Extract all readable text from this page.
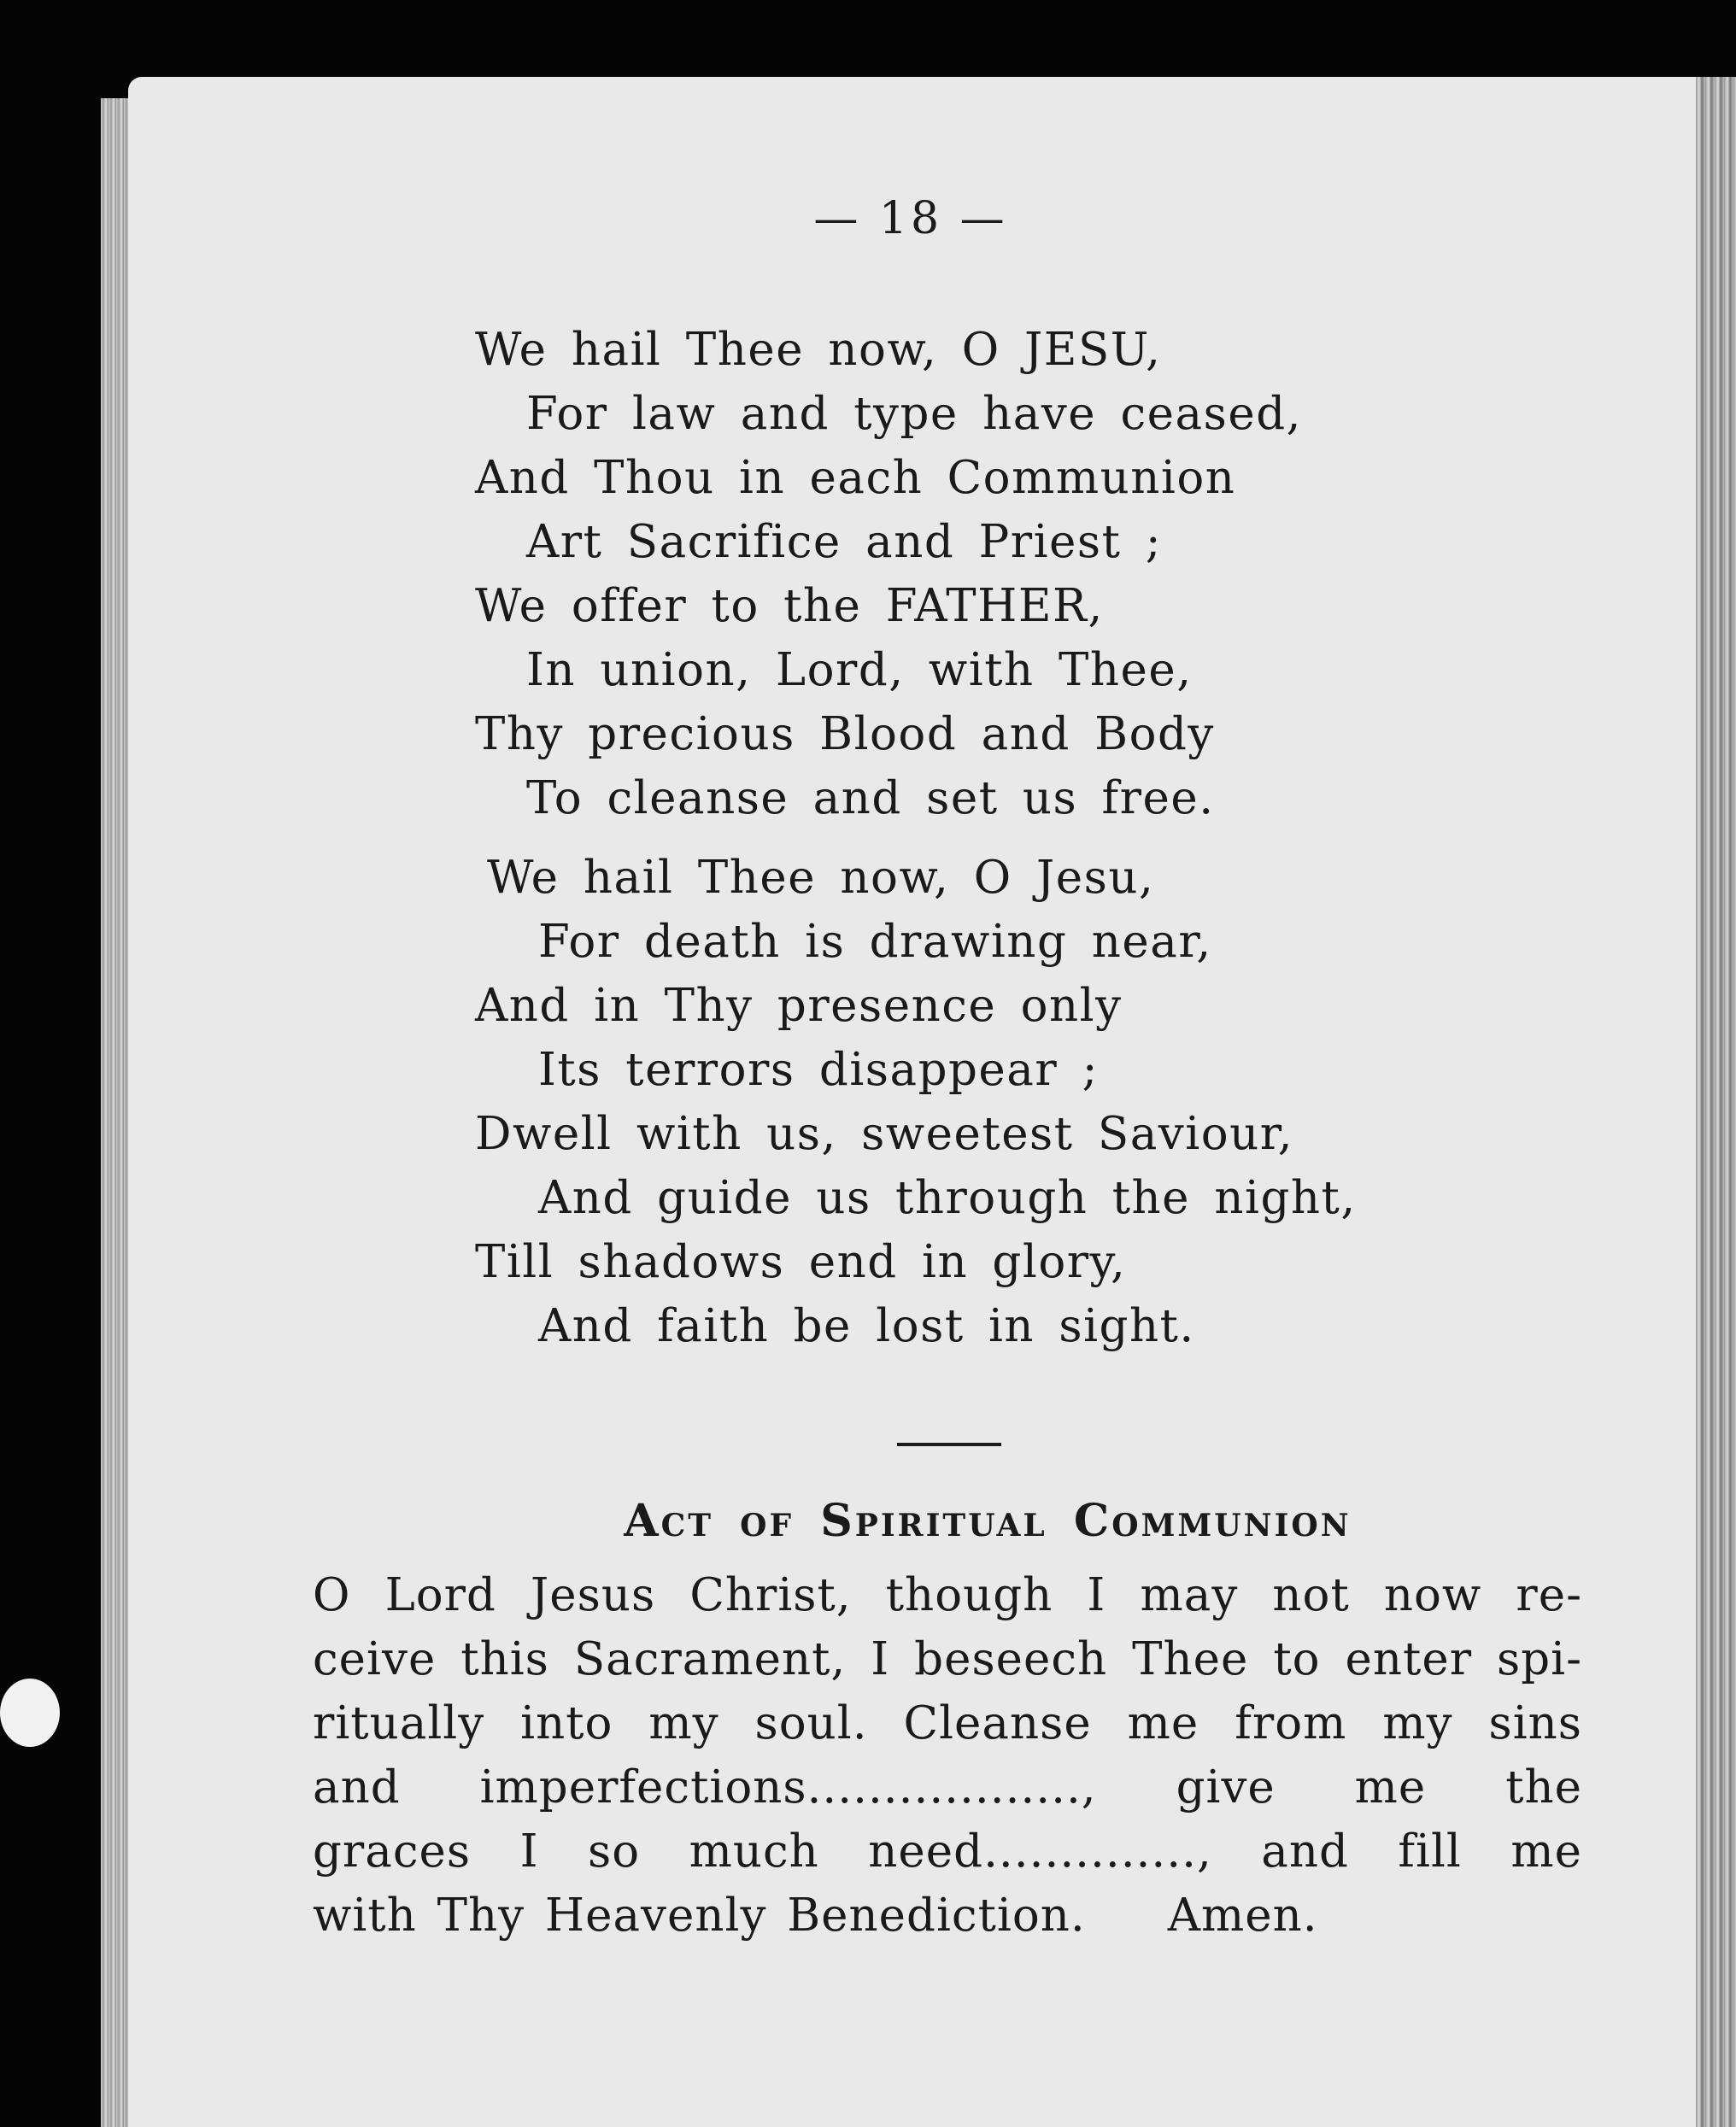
— 18 —

We hail Thee now, O JESU,
For law and type have ceased,
And Thou in each Communion
Art Sacrifice and Priest ;
We offer to the FATHER,
In union, Lord, with Thee,
Thy precious Blood and Body
To cleanse and set us free.
We hail Thee now, O Jesu,
For death is drawing near,
And in Thy presence only
Its terrors disappear ;
Dwell with us, sweetest Saviour,
And guide us through the night,
Till shadows end in glory,
And faith be lost in sight.
Act of Spiritual Communion
O Lord Jesus Christ, though I may not now re-
ceive this Sacrament, I beseech Thee to enter spi-
ritually into my soul. Cleanse me from my sins
and imperfections.................., give me the
graces I so much need.............., and fill me
with Thy Heavenly Benediction. Amen.
